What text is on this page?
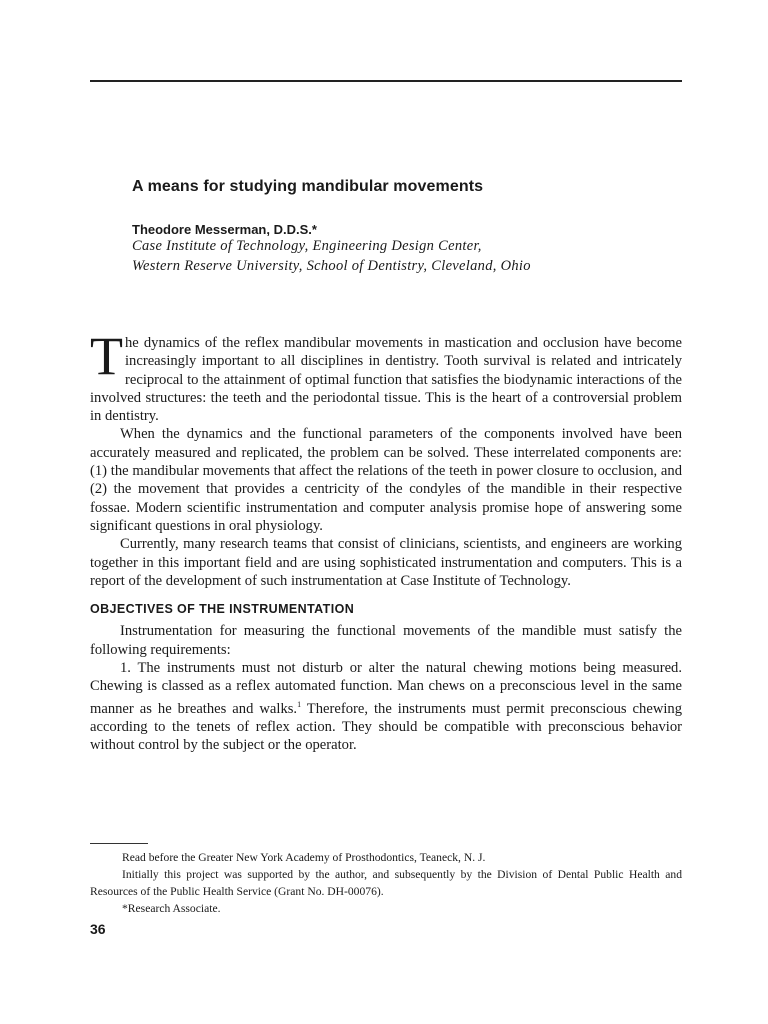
A means for studying mandibular movements
Theodore Messerman, D.D.S.*
Case Institute of Technology, Engineering Design Center,
Western Reserve University, School of Dentistry, Cleveland, Ohio

The dynamics of the reflex mandibular movements in mastication and occlusion have become increasingly important to all disciplines in dentistry. Tooth survival is related and intricately reciprocal to the attainment of optimal function that satisfies the biodynamic interactions of the involved structures: the teeth and the periodontal tissue. This is the heart of a controversial problem in dentistry.

When the dynamics and the functional parameters of the components involved have been accurately measured and replicated, the problem can be solved. These interrelated components are: (1) the mandibular movements that affect the relations of the teeth in power closure to occlusion, and (2) the movement that provides a centricity of the condyles of the mandible in their respective fossae. Modern scientific instrumentation and computer analysis promise hope of answering some significant questions in oral physiology.

Currently, many research teams that consist of clinicians, scientists, and engineers are working together in this important field and are using sophisticated instrumentation and computers. This is a report of the development of such instrumentation at Case Institute of Technology.

OBJECTIVES OF THE INSTRUMENTATION

Instrumentation for measuring the functional movements of the mandible must satisfy the following requirements:

1. The instruments must not disturb or alter the natural chewing motions being measured. Chewing is classed as a reflex automated function. Man chews on a preconscious level in the same manner as he breathes and walks.$^1$ Therefore, the instruments must permit preconscious chewing according to the tenets of reflex action. They should be compatible with preconscious behavior without control by the subject or the operator.

Read before the Greater New York Academy of Prosthodontics, Teaneck, N. J.

Initially this project was supported by the author, and subsequently by the Division of Dental Public Health and Resources of the Public Health Service (Grant No. DH-00076).

*Research Associate.

36
